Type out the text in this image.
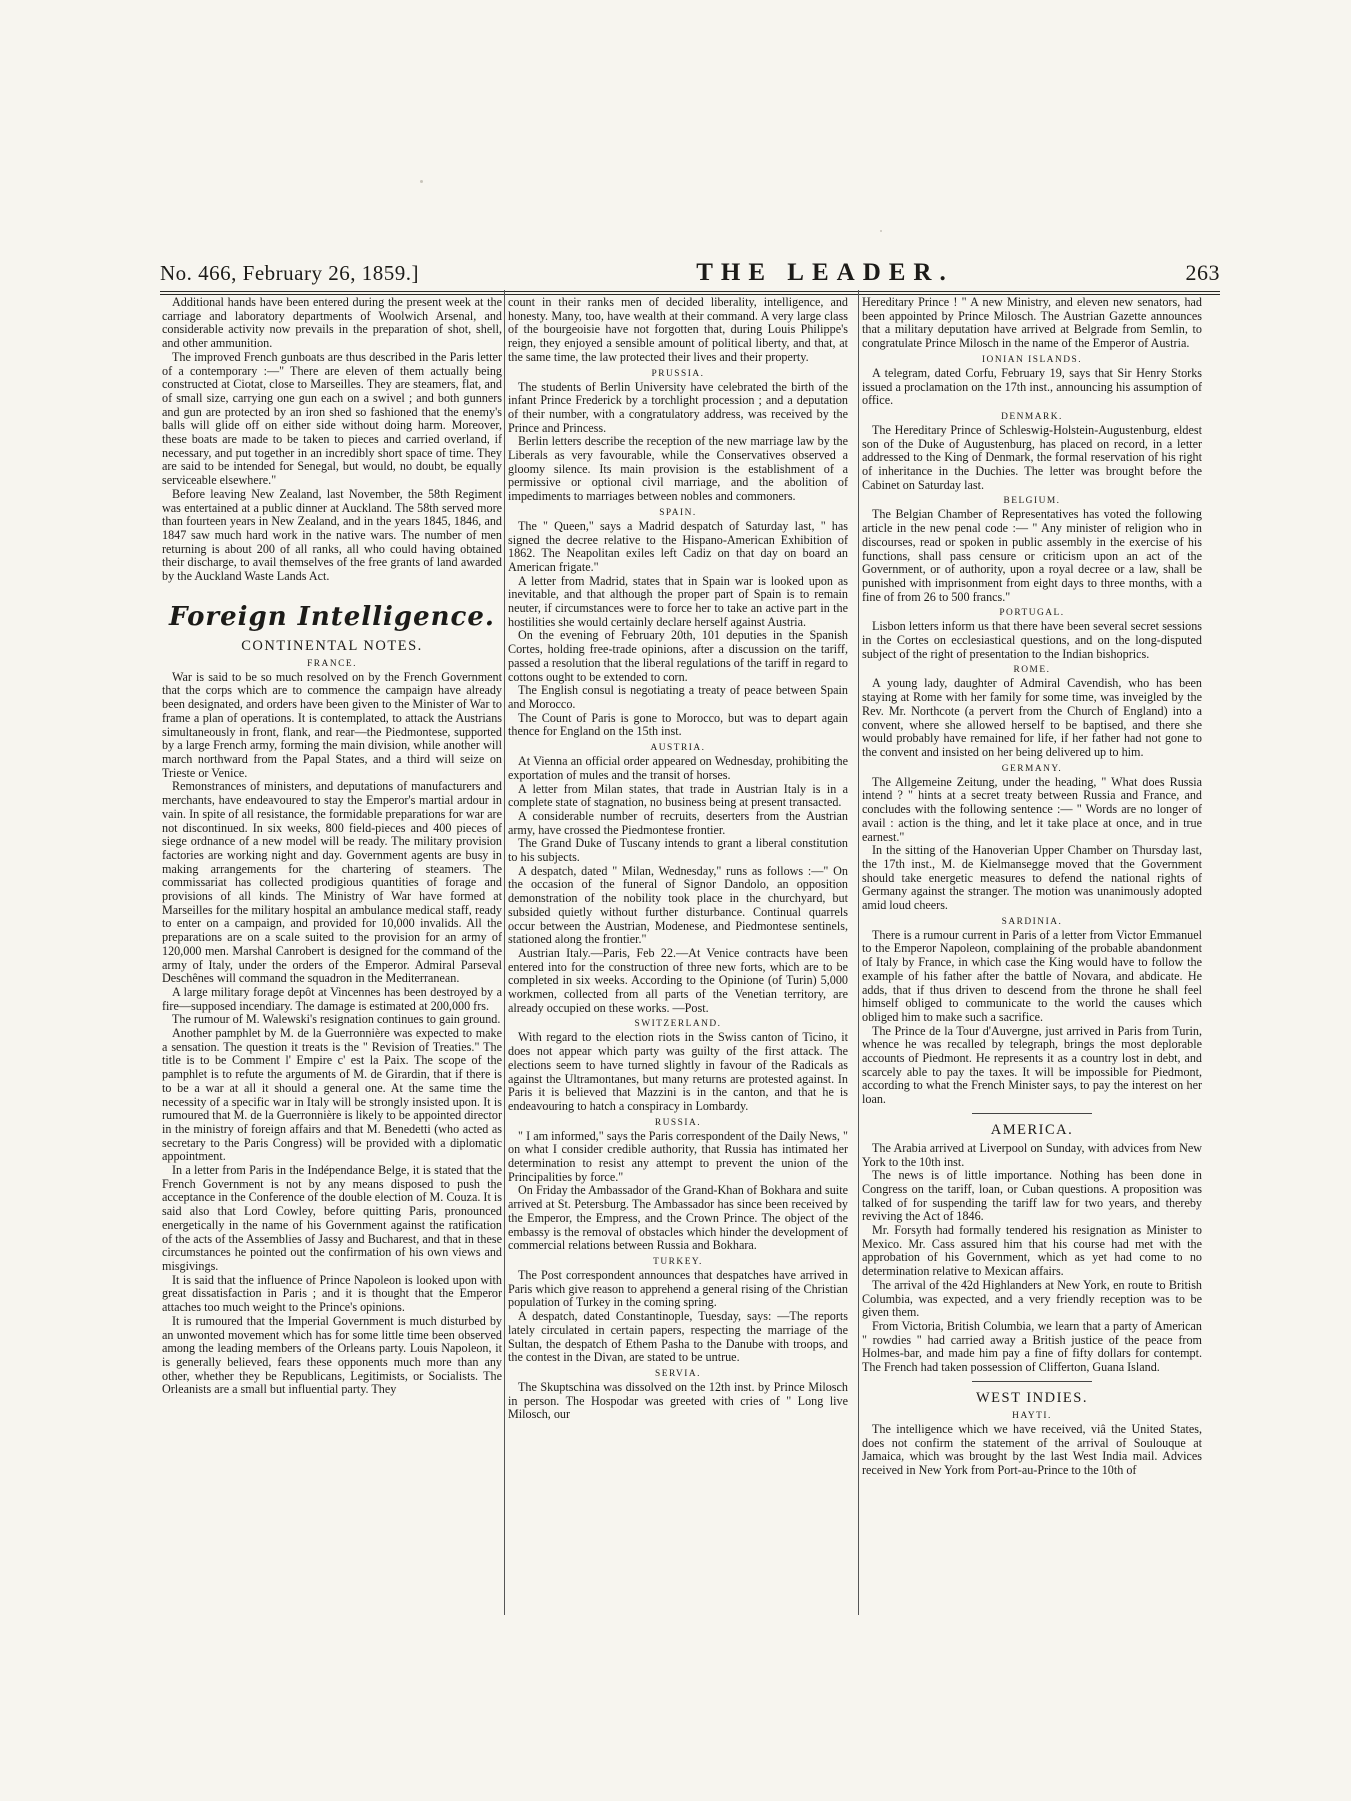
No. 466, February 26, 1859.]	THE LEADER.	263

Additional hands have been entered during the present week at the carriage and laboratory departments of Woolwich Arsenal, and considerable activity now prevails in the preparation of shot, shell, and other ammunition.

The improved French gunboats are thus described in the Paris letter of a contemporary :—" There are eleven of them actually being constructed at Ciotat, close to Marseilles. They are steamers, flat, and of small size, carrying one gun each on a swivel ; and both gunners and gun are protected by an iron shed so fashioned that the enemy's balls will glide off on either side without doing harm. Moreover, these boats are made to be taken to pieces and carried overland, if necessary, and put together in an incredibly short space of time. They are said to be intended for Senegal, but would, no doubt, be equally serviceable elsewhere."

Before leaving New Zealand, last November, the 58th Regiment was entertained at a public dinner at Auckland. The 58th served more than fourteen years in New Zealand, and in the years 1845, 1846, and 1847 saw much hard work in the native wars. The number of men returning is about 200 of all ranks, all who could having obtained their discharge, to avail themselves of the free grants of land awarded by the Auckland Waste Lands Act.

Foreign Intelligence.
CONTINENTAL NOTES.
FRANCE.

War is said to be so much resolved on by the French Government that the corps which are to commence the campaign have already been designated, and orders have been given to the Minister of War to frame a plan of operations. It is contemplated, to attack the Austrians simultaneously in front, flank, and rear—the Piedmontese, supported by a large French army, forming the main division, while another will march northward from the Papal States, and a third will seize on Trieste or Venice.

Remonstrances of ministers, and deputations of manufacturers and merchants, have endeavoured to stay the Emperor's martial ardour in vain. In spite of all resistance, the formidable preparations for war are not discontinued. In six weeks, 800 field-pieces and 400 pieces of siege ordnance of a new model will be ready. The military provision factories are working night and day. Government agents are busy in making arrangements for the chartering of steamers. The commissariat has collected prodigious quantities of forage and provisions of all kinds. The Ministry of War have formed at Marseilles for the military hospital an ambulance medical staff, ready to enter on a campaign, and provided for 10,000 invalids. All the preparations are on a scale suited to the provision for an army of 120,000 men. Marshal Canrobert is designed for the command of the army of Italy, under the orders of the Emperor. Admiral Parseval Deschênes will command the squadron in the Mediterranean.

A large military forage depôt at Vincennes has been destroyed by a fire—supposed incendiary. The damage is estimated at 200,000 frs.

The rumour of M. Walewski's resignation continues to gain ground.

Another pamphlet by M. de la Guerronnière was expected to make a sensation. The question it treats is the " Revision of Treaties." The title is to be Comment l' Empire c' est la Paix. The scope of the pamphlet is to refute the arguments of M. de Girardin, that if there is to be a war at all it should a general one. At the same time the necessity of a specific war in Italy will be strongly insisted upon. It is rumoured that M. de la Guerronnière is likely to be appointed director in the ministry of foreign affairs and that M. Benedetti (who acted as secretary to the Paris Congress) will be provided with a diplomatic appointment.

In a letter from Paris in the Indépendance Belge, it is stated that the French Government is not by any means disposed to push the acceptance in the Conference of the double election of M. Couza. It is said also that Lord Cowley, before quitting Paris, pronounced energetically in the name of his Government against the ratification of the acts of the Assemblies of Jassy and Bucharest, and that in these circumstances he pointed out the confirmation of his own views and misgivings.

It is said that the influence of Prince Napoleon is looked upon with great dissatisfaction in Paris ; and it is thought that the Emperor attaches too much weight to the Prince's opinions.

It is rumoured that the Imperial Government is much disturbed by an unwonted movement which has for some little time been observed among the leading members of the Orleans party. Louis Napoleon, it is generally believed, fears these opponents much more than any other, whether they be Republicans, Legitimists, or Socialists. The Orleanists are a small but influential party. They

count in their ranks men of decided liberality, intelligence, and honesty. Many, too, have wealth at their command. A very large class of the bourgeoisie have not forgotten that, during Louis Philippe's reign, they enjoyed a sensible amount of political liberty, and that, at the same time, the law protected their lives and their property.

PRUSSIA.

The students of Berlin University have celebrated the birth of the infant Prince Frederick by a torchlight procession ; and a deputation of their number, with a congratulatory address, was received by the Prince and Princess.

Berlin letters describe the reception of the new marriage law by the Liberals as very favourable, while the Conservatives observed a gloomy silence. Its main provision is the establishment of a permissive or optional civil marriage, and the abolition of impediments to marriages between nobles and commoners.

SPAIN.

The " Queen," says a Madrid despatch of Saturday last, " has signed the decree relative to the Hispano-American Exhibition of 1862. The Neapolitan exiles left Cadiz on that day on board an American frigate."

A letter from Madrid, states that in Spain war is looked upon as inevitable, and that although the proper part of Spain is to remain neuter, if circumstances were to force her to take an active part in the hostilities she would certainly declare herself against Austria.

On the evening of February 20th, 101 deputies in the Spanish Cortes, holding free-trade opinions, after a discussion on the tariff, passed a resolution that the liberal regulations of the tariff in regard to cottons ought to be extended to corn.

The English consul is negotiating a treaty of peace between Spain and Morocco.

The Count of Paris is gone to Morocco, but was to depart again thence for England on the 15th inst.

AUSTRIA.

At Vienna an official order appeared on Wednesday, prohibiting the exportation of mules and the transit of horses.

A letter from Milan states, that trade in Austrian Italy is in a complete state of stagnation, no business being at present transacted.

A considerable number of recruits, deserters from the Austrian army, have crossed the Piedmontese frontier.

The Grand Duke of Tuscany intends to grant a liberal constitution to his subjects.

A despatch, dated " Milan, Wednesday," runs as follows :—" On the occasion of the funeral of Signor Dandolo, an opposition demonstration of the nobility took place in the churchyard, but subsided quietly without further disturbance. Continual quarrels occur between the Austrian, Modenese, and Piedmontese sentinels, stationed along the frontier."

Austrian Italy.—Paris, Feb 22.—At Venice contracts have been entered into for the construction of three new forts, which are to be completed in six weeks. According to the Opinione (of Turin) 5,000 workmen, collected from all parts of the Venetian territory, are already occupied on these works. —Post.

SWITZERLAND.

With regard to the election riots in the Swiss canton of Ticino, it does not appear which party was guilty of the first attack. The elections seem to have turned slightly in favour of the Radicals as against the Ultramontanes, but many returns are protested against. In Paris it is believed that Mazzini is in the canton, and that he is endeavouring to hatch a conspiracy in Lombardy.

RUSSIA.

" I am informed," says the Paris correspondent of the Daily News, " on what I consider credible authority, that Russia has intimated her determination to resist any attempt to prevent the union of the Principalities by force."

On Friday the Ambassador of the Grand-Khan of Bokhara and suite arrived at St. Petersburg. The Ambassador has since been received by the Emperor, the Empress, and the Crown Prince. The object of the embassy is the removal of obstacles which hinder the development of commercial relations between Russia and Bokhara.

TURKEY.

The Post correspondent announces that despatches have arrived in Paris which give reason to apprehend a general rising of the Christian population of Turkey in the coming spring.

A despatch, dated Constantinople, Tuesday, says: —The reports lately circulated in certain papers, respecting the marriage of the Sultan, the despatch of Ethem Pasha to the Danube with troops, and the contest in the Divan, are stated to be untrue.

SERVIA.

The Skuptschina was dissolved on the 12th inst. by Prince Milosch in person. The Hospodar was greeted with cries of " Long live Milosch, our

Hereditary Prince ! " A new Ministry, and eleven new senators, had been appointed by Prince Milosch. The Austrian Gazette announces that a military deputation have arrived at Belgrade from Semlin, to congratulate Prince Milosch in the name of the Emperor of Austria.

IONIAN ISLANDS.

A telegram, dated Corfu, February 19, says that Sir Henry Storks issued a proclamation on the 17th inst., announcing his assumption of office.

DENMARK.

The Hereditary Prince of Schleswig-Holstein-Augustenburg, eldest son of the Duke of Augustenburg, has placed on record, in a letter addressed to the King of Denmark, the formal reservation of his right of inheritance in the Duchies. The letter was brought before the Cabinet on Saturday last.

BELGIUM.

The Belgian Chamber of Representatives has voted the following article in the new penal code :— " Any minister of religion who in discourses, read or spoken in public assembly in the exercise of his functions, shall pass censure or criticism upon an act of the Government, or of authority, upon a royal decree or a law, shall be punished with imprisonment from eight days to three months, with a fine of from 26 to 500 francs."

PORTUGAL.

Lisbon letters inform us that there have been several secret sessions in the Cortes on ecclesiastical questions, and on the long-disputed subject of the right of presentation to the Indian bishoprics.

ROME.

A young lady, daughter of Admiral Cavendish, who has been staying at Rome with her family for some time, was inveigled by the Rev. Mr. Northcote (a pervert from the Church of England) into a convent, where she allowed herself to be baptised, and there she would probably have remained for life, if her father had not gone to the convent and insisted on her being delivered up to him.

GERMANY.

The Allgemeine Zeitung, under the heading, " What does Russia intend ? " hints at a secret treaty between Russia and France, and concludes with the following sentence :— " Words are no longer of avail : action is the thing, and let it take place at once, and in true earnest."

In the sitting of the Hanoverian Upper Chamber on Thursday last, the 17th inst., M. de Kielmansegge moved that the Government should take energetic measures to defend the national rights of Germany against the stranger. The motion was unanimously adopted amid loud cheers.

SARDINIA.

There is a rumour current in Paris of a letter from Victor Emmanuel to the Emperor Napoleon, complaining of the probable abandonment of Italy by France, in which case the King would have to follow the example of his father after the battle of Novara, and abdicate. He adds, that if thus driven to descend from the throne he shall feel himself obliged to communicate to the world the causes which obliged him to make such a sacrifice.

The Prince de la Tour d'Auvergne, just arrived in Paris from Turin, whence he was recalled by telegraph, brings the most deplorable accounts of Piedmont. He represents it as a country lost in debt, and scarcely able to pay the taxes. It will be impossible for Piedmont, according to what the French Minister says, to pay the interest on her loan.

AMERICA.

The Arabia arrived at Liverpool on Sunday, with advices from New York to the 10th inst.

The news is of little importance. Nothing has been done in Congress on the tariff, loan, or Cuban questions. A proposition was talked of for suspending the tariff law for two years, and thereby reviving the Act of 1846.

Mr. Forsyth had formally tendered his resignation as Minister to Mexico. Mr. Cass assured him that his course had met with the approbation of his Government, which as yet had come to no determination relative to Mexican affairs.

The arrival of the 42d Highlanders at New York, en route to British Columbia, was expected, and a very friendly reception was to be given them.

From Victoria, British Columbia, we learn that a party of American " rowdies " had carried away a British justice of the peace from Holmes-bar, and made him pay a fine of fifty dollars for contempt. The French had taken possession of Clifferton, Guana Island.

WEST INDIES.
HAYTI.

The intelligence which we have received, viâ the United States, does not confirm the statement of the arrival of Soulouque at Jamaica, which was brought by the last West India mail. Advices received in New York from Port-au-Prince to the 10th of
